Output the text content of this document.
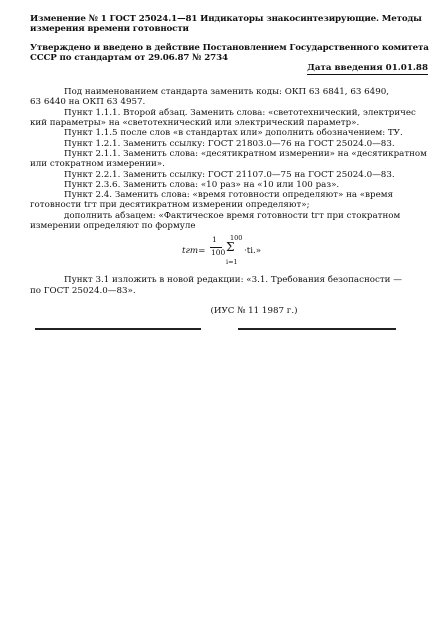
Изменение № 1 ГОСТ 25024.1—81 Индикаторы знакосинтезирующие. Методы
измерения времени готовности
Утверждено и введено в действие Постановлением Государственного комитета
СССР по стандартам от 29.06.87 № 2734
Дата введения 01.01.88
Под наименованием стандарта заменить коды: ОКП 63 6841, 63 6490,
63 6440 на ОКП 63 4957.
Пункт 1.1.1. Второй абзац. Заменить слова: «светотехнический, электричес
кий параметры» на «светотехнический или электрический параметр».
Пункт 1.1.5 после слов «в стандартах или» дополнить обозначением: ТУ.
Пункт 1.2.1. Заменить ссылку: ГОСТ 21803.0—76 на ГОСТ 25024.0—83.
Пункт 2.1.1. Заменить слова: «десятикратном измерении» на «десятикратном
или стократном измерении».
Пункт 2.2.1. Заменить ссылку: ГОСТ 21107.0—75 на ГОСТ 25024.0—83.
Пункт 2.3.6. Заменить слова: «10 раз» на «10 или 100 раз».
Пункт 2.4. Заменить слова: «время готовности определяют» на «время
готовности tгт при десятикратном измерении определяют»;
дополнить абзацем: «Фактическое время готовности tгт при стократном
измерении определяют по формуле
tгт=
1
100
100
Σ
i=1
·ti.»
Пункт 3.1 изложить в новой редакции: «3.1. Требования безопасности —
по ГОСТ 25024.0—83».
(ИУС № 11 1987 г.)
